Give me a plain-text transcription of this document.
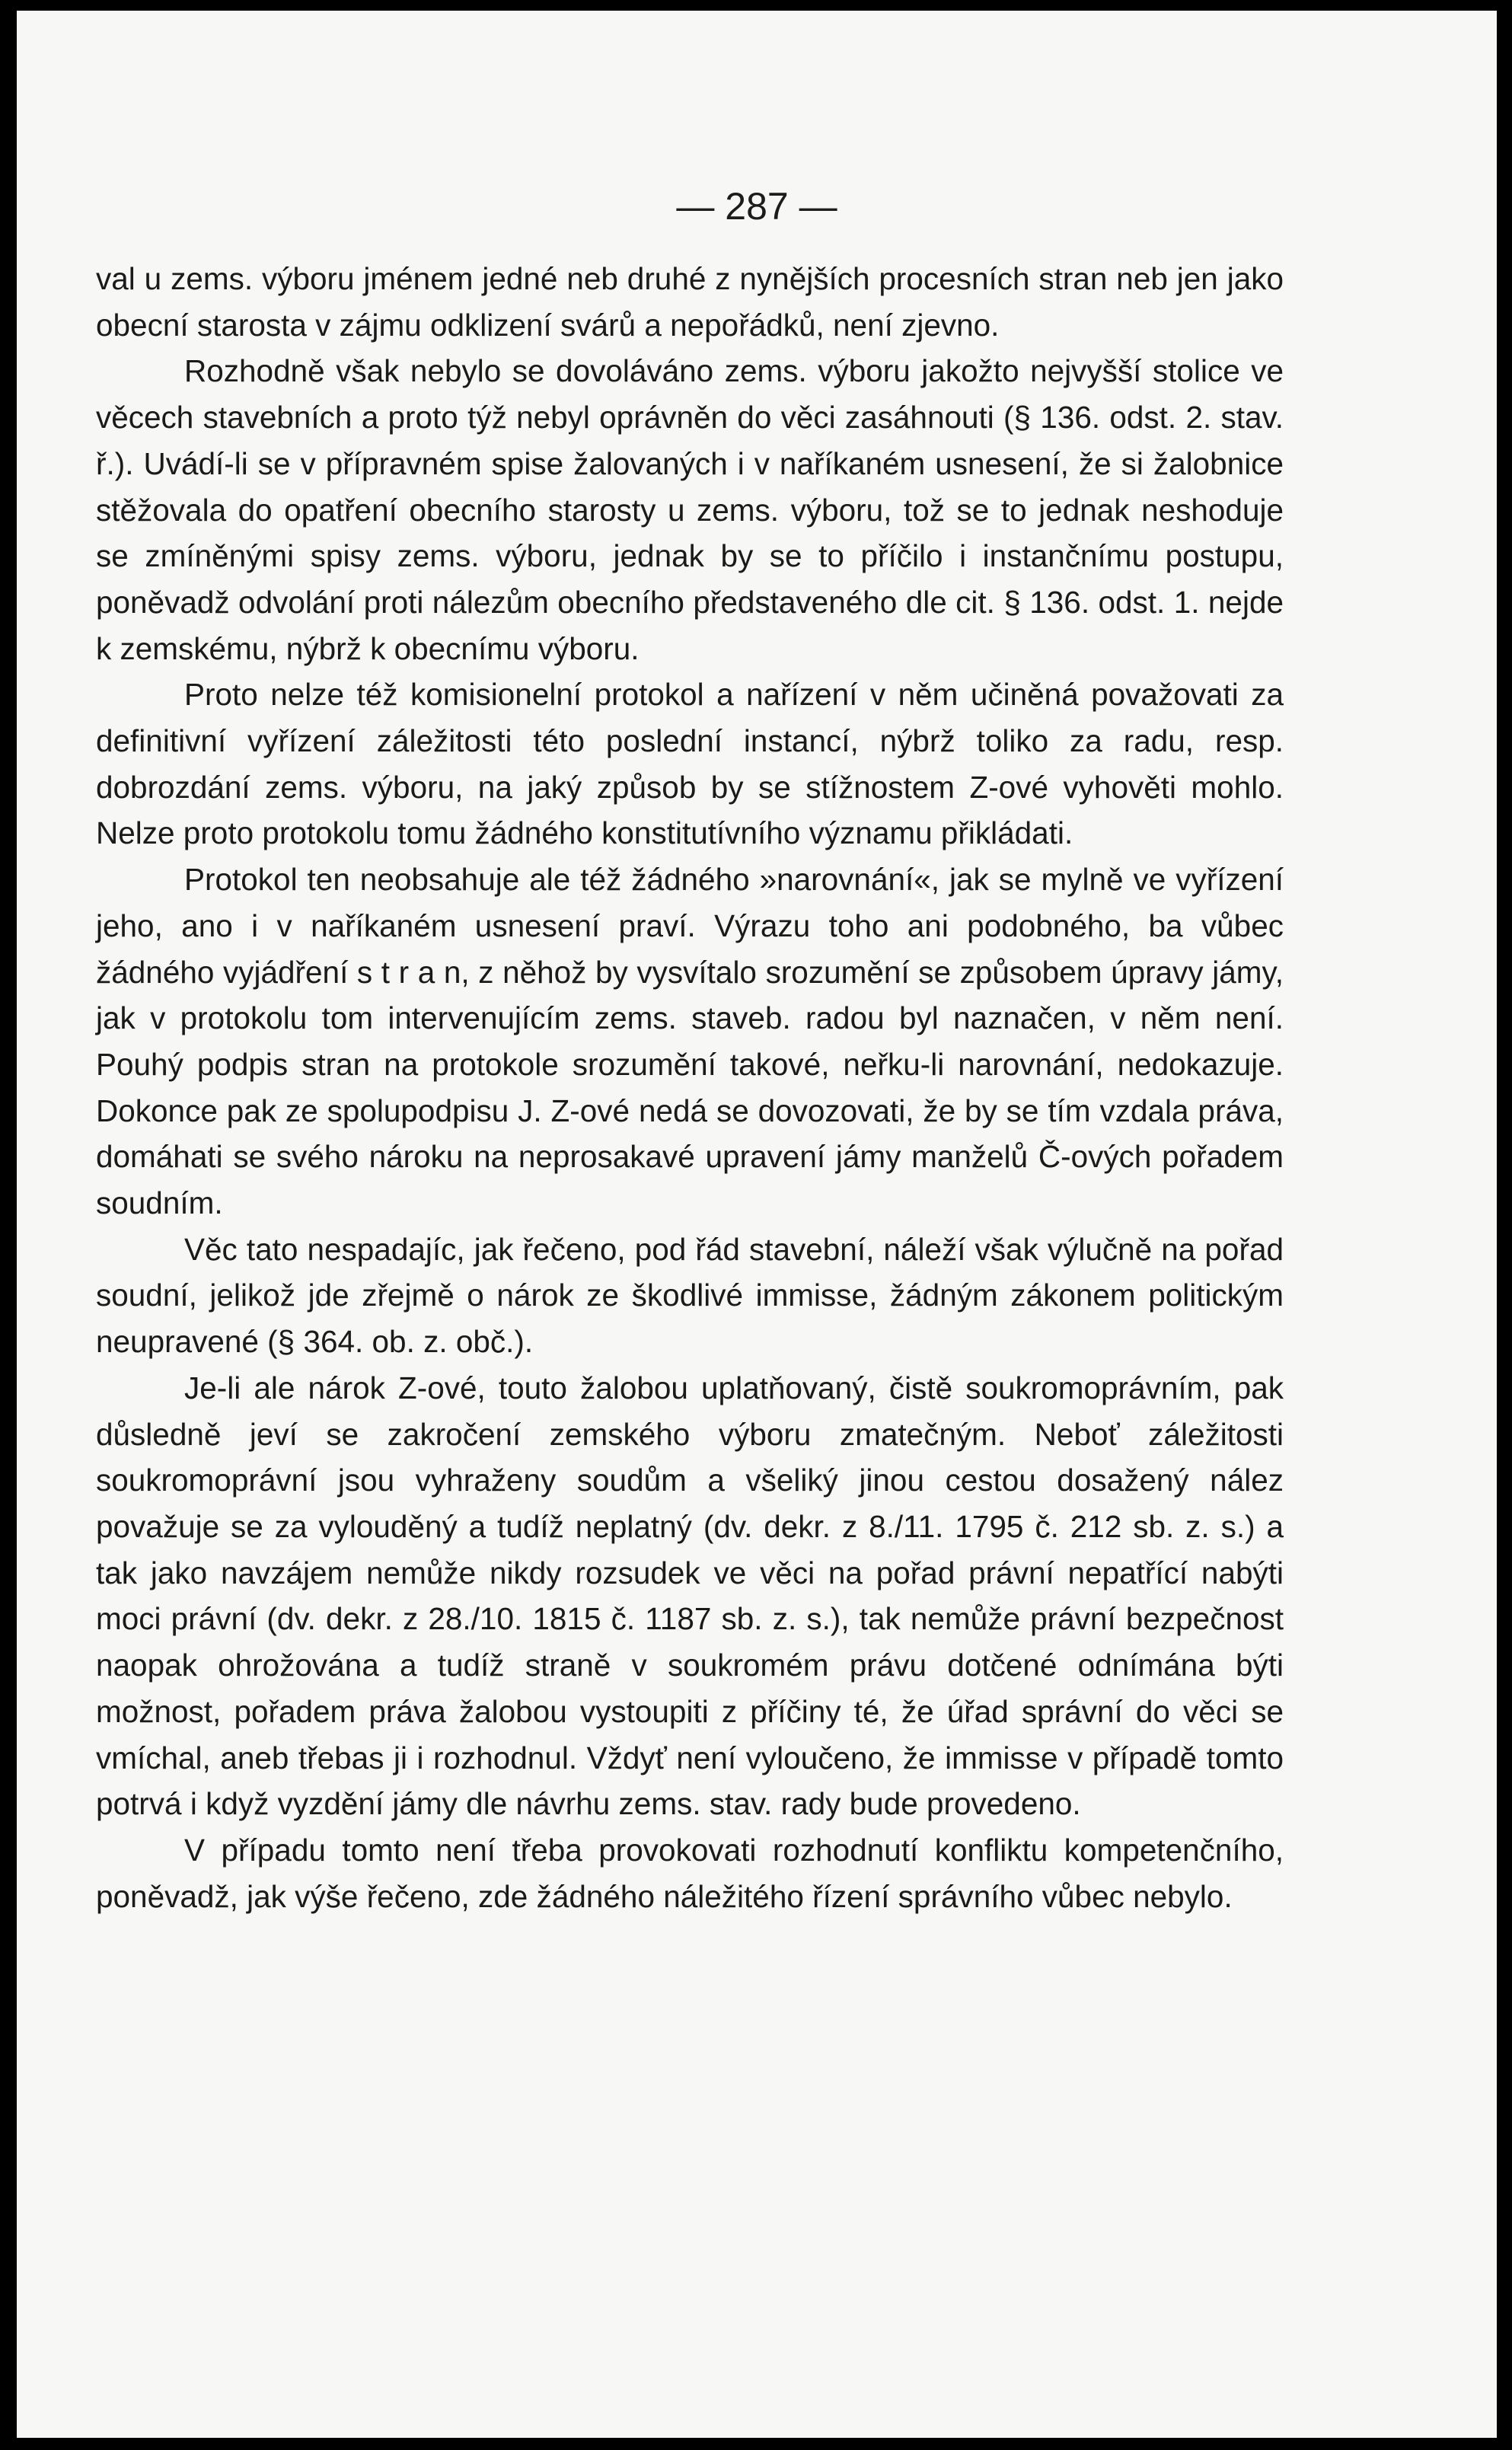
— 287 —

val u zems. výboru jménem jedné neb druhé z nynějších procesních stran neb jen jako obecní starosta v zájmu odklizení svárů a nepořádků, není zjevno.

Rozhodně však nebylo se dovoláváno zems. výboru jakožto nejvyšší stolice ve věcech stavebních a proto týž nebyl oprávněn do věci zasáhnouti (§ 136. odst. 2. stav. ř.). Uvádí-li se v přípravném spise žalovaných i v naříkaném usnesení, že si žalobnice stěžovala do opatření obecního starosty u zems. výboru, tož se to jednak neshoduje se zmíněnými spisy zems. výboru, jednak by se to příčilo i instančnímu postupu, poněvadž odvolání proti nálezům obecního představeného dle cit. § 136. odst. 1. nejde k zemskému, nýbrž k obecnímu výboru.

Proto nelze též komisionelní protokol a nařízení v něm učiněná považovati za definitivní vyřízení záležitosti této poslední instancí, nýbrž toliko za radu, resp. dobrozdání zems. výboru, na jaký způsob by se stížnostem Z-ové vyhověti mohlo. Nelze proto protokolu tomu žádného konstitutívního významu přikládati.

Protokol ten neobsahuje ale též žádného »narovnání«, jak se mylně ve vyřízení jeho, ano i v naříkaném usnesení praví. Výrazu toho ani podobného, ba vůbec žádného vyjádření s t r a n, z něhož by vysvítalo srozumění se způsobem úpravy jámy, jak v protokolu tom intervenujícím zems. staveb. radou byl naznačen, v něm není. Pouhý podpis stran na protokole srozumění takové, neřku-li narovnání, nedokazuje. Dokonce pak ze spolupodpisu J. Z-ové nedá se dovozovati, že by se tím vzdala práva, domáhati se svého nároku na neprosakavé upravení jámy manželů Č-ových pořadem soudním.

Věc tato nespadajíc, jak řečeno, pod řád stavební, náleží však výlučně na pořad soudní, jelikož jde zřejmě o nárok ze škodlivé immisse, žádným zákonem politickým neupravené (§ 364. ob. z. obč.).

Je-li ale nárok Z-ové, touto žalobou uplatňovaný, čistě soukromoprávním, pak důsledně jeví se zakročení zemského výboru zmatečným. Neboť záležitosti soukromoprávní jsou vyhraženy soudům a všeliký jinou cestou dosažený nález považuje se za vylouděný a tudíž neplatný (dv. dekr. z 8./11. 1795 č. 212 sb. z. s.) a tak jako navzájem nemůže nikdy rozsudek ve věci na pořad právní nepatřící nabýti moci právní (dv. dekr. z 28./10. 1815 č. 1187 sb. z. s.), tak nemůže právní bezpečnost naopak ohrožována a tudíž straně v soukromém právu dotčené odnímána býti možnost, pořadem práva žalobou vystoupiti z příčiny té, že úřad správní do věci se vmíchal, aneb třebas ji i rozhodnul. Vždyť není vyloučeno, že immisse v případě tomto potrvá i když vyzdění jámy dle návrhu zems. stav. rady bude provedeno.

V případu tomto není třeba provokovati rozhodnutí konfliktu kompetenčního, poněvadž, jak výše řečeno, zde žádného náležitého řízení správního vůbec nebylo.
